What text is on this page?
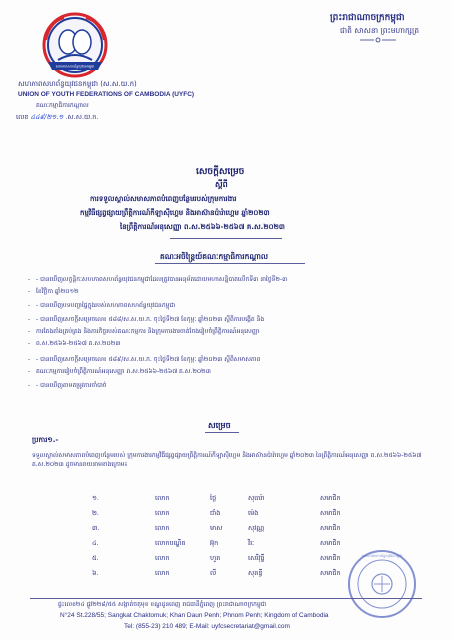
សហភាពសហព័ន្ធយុវជនកម្ពុជា
ព្រះរាជាណាចក្រកម្ពុជា
ជាតិ សាសនា ព្រះមហាក្សត្រ
សហភាពសហព័ន្ធយុវជនកម្ពុជា (ស.ស.យ.ក)
UNION OF YOUTH FEDERATIONS OF CAMBODIA (UYFC)
គណៈកម្មាធិការកណ្តាល
លេខ ៤៤៩/២១.១ .ស.ស.យ.ក.
សេចក្តីសម្រេច
ស្តីពី
ការទទួលស្គាល់សមាសភាពបំពេញបន្ថែមរបស់ក្រុមការងារ
កម្មវិធីផ្សព្វផ្សាយព្រឹត្តិការណ៍កីឡាស៊ីហ្គេម និងអាស៊ានប៉ារ៉ាហ្គេម ឆ្នាំ២០២៣
នៃព្រឹត្តិការណ៍អនុសេញ្ញា ព.ស.២៥៦៦-២៥៦៧ គ.ស.២០២៣
គណៈអចិន្ត្រៃយ៍គណៈកម្មាធិការកណ្តាល
- - បានឃើញលក្ខន្តិកៈសហភាពសហព័ន្ធយុវជនកម្ពុជាដែលត្រូវបានអនុម័តដោយមហាសន្និបាតលើកទី៣ នាថ្ងៃទី២-៣
- ខែវិច្ឆិកា ឆ្នាំ២០១២
- - បានឃើញបទបញ្ជាផ្ទៃក្នុងរបស់សហភាពសហព័ន្ធយុវជនកម្ពុជា
- - បានឃើញសេចក្តីសម្រេចលេខ ៥៨៨/ស.ស.យ.ក. ចុះថ្ងៃទី២៧ ខែកុម្ភៈ ឆ្នាំ២០២៣ ស្តីពីការបង្កើត និង
- ការតែងតាំងគ្រប់គ្រង និងភារកិច្ចរបស់គណៈកម្មការ និងក្រុមការងារចាត់ចែងរៀបចំព្រឹត្តិការណ៍អនុសេញ្ញា
- ព.ស.២៥៦៦-២៥៦៧ គ.ស.២០២៣
- - បានឃើញសេចក្តីសម្រេចលេខ ៥៨៩/ស.ស.យ.ក. ចុះថ្ងៃទី២៧ ខែកុម្ភៈ ឆ្នាំ២០២៣ ស្តីពីសមាសភាព
- គណៈកម្មការរៀបចំព្រឹត្តិការណ៍អនុសេញ្ញា ព.ស.២៥៦៦-២៥៦៧ គ.ស.២០២៣
- - បានឃើញតាមតម្រូវការចាំបាច់
សម្រេច
ប្រការ១.-
ទទួលស្គាល់សមាសភាពបំពេញបន្ថែមរបស់ ក្រុមការងារកម្មវិធីផ្សព្វផ្សាយព្រឹត្តិការណ៍កីឡាស៊ីហ្គេម និងអាស៊ានប៉ារ៉ាហ្គេម ឆ្នាំ២០២៣ នៃព្រឹត្តិការណ៍អនុសេញ្ញា ព.ស.២៥៦៦-២៥៦៧ គ.ស.២០២៣ ដូចមានរាយនាមខាងក្រោម៖
១.	លោក	ថ្លៃ	សុធារ៉ា	សមាជិក
២.	លោក	ជាំង	ម៉េង	សមាជិក
៣.	លោក	មាស	សុវណ្ណ	សមាជិក
៤.	លោកបណ្ឌិត	អ៊ុក	វិរៈ	សមាជិក
៥.	លោក	ហួត	សេរីវុធ្ឌី	សមាជិក
៦.	លោក	លី	សុគន្ធី	សមាជិក
សហភាពសហព័ន្ធយុវជនកម្ពុជា
ផ្ទះលេខ២៤ ផ្លូវ២២៨/៥៥ សង្កាត់ចតុមុខ ខណ្ឌដូនពេញ រាជធានីភ្នំពេញ ព្រះរាជាណាចក្រកម្ពុជា
N°24 St.228/55; Sangkat Chaktomuk; Khan Daun Penh; Phnom Penh; Kingdom of Cambodia
Tel: (855-23) 210 489; E-Mail: uyfcsecretariat@gmail.com
